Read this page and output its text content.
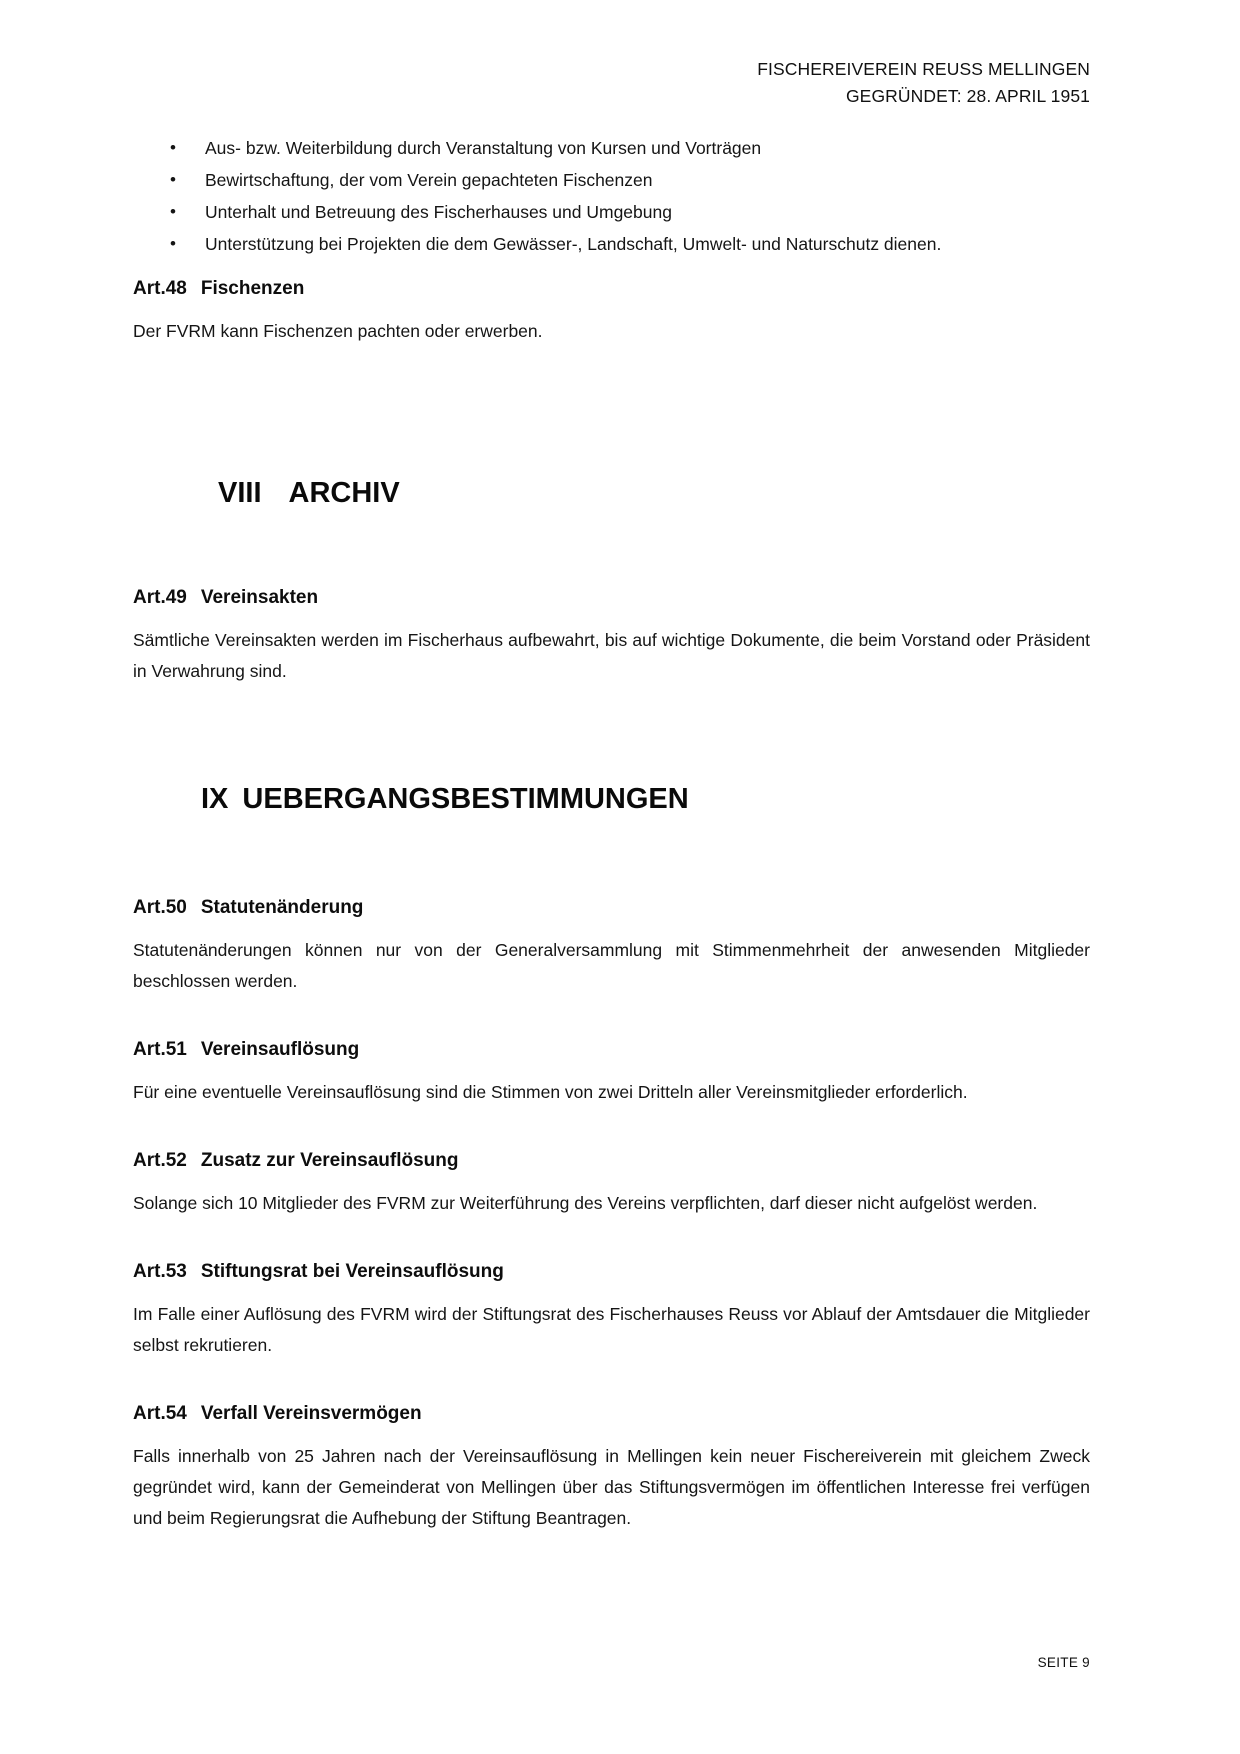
FISCHEREIVEREIN REUSS MELLINGEN
GEGRÜNDET: 28. APRIL 1951
• Aus- bzw. Weiterbildung durch Veranstaltung von Kursen und Vorträgen
• Bewirtschaftung, der vom Verein gepachteten Fischenzen
• Unterhalt und Betreuung des Fischerhauses und Umgebung
• Unterstützung bei Projekten die dem Gewässer-, Landschaft, Umwelt- und Naturschutz dienen.
Art.48 Fischenzen

Der FVRM kann Fischenzen pachten oder erwerben.

VIII ARCHIV
Art.49 Vereinsakten

Sämtliche Vereinsakten werden im Fischerhaus aufbewahrt, bis auf wichtige Dokumente, die beim Vorstand oder Präsident in Verwahrung sind.

IX UEBERGANGSBESTIMMUNGEN
Art.50 Statutenänderung

Statutenänderungen können nur von der Generalversammlung mit Stimmenmehrheit der anwesenden Mitglieder beschlossen werden.

Art.51 Vereinsauflösung

Für eine eventuelle Vereinsauflösung sind die Stimmen von zwei Dritteln aller Vereinsmitglieder erforderlich.

Art.52 Zusatz zur Vereinsauflösung

Solange sich 10 Mitglieder des FVRM zur Weiterführung des Vereins verpflichten, darf dieser nicht aufgelöst werden.

Art.53 Stiftungsrat bei Vereinsauflösung

Im Falle einer Auflösung des FVRM wird der Stiftungsrat des Fischerhauses Reuss vor Ablauf der Amtsdauer die Mitglieder selbst rekrutieren.

Art.54 Verfall Vereinsvermögen

Falls innerhalb von 25 Jahren nach der Vereinsauflösung in Mellingen kein neuer Fischereiverein mit gleichem Zweck gegründet wird, kann der Gemeinderat von Mellingen über das Stiftungsvermögen im öffentlichen Interesse frei verfügen und beim Regierungsrat die Aufhebung der Stiftung Beantragen.

SEITE 9
